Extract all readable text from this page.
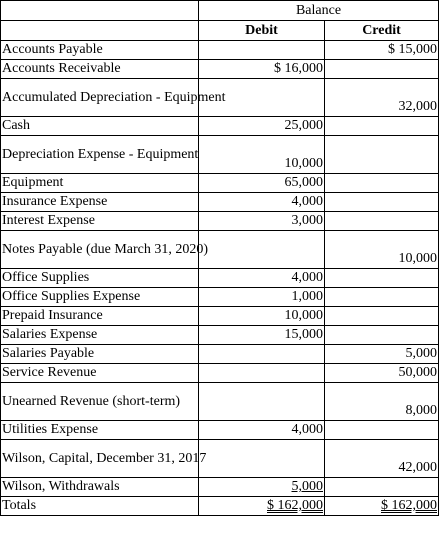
	Balance	
	Debit	Credit
Accounts Payable		$ 15,000
Accounts Receivable	$ 16,000	
Accumulated Depreciation - Equipment		32,000
Cash	25,000	
Depreciation Expense - Equipment	10,000	
Equipment	65,000	
Insurance Expense	4,000	
Interest Expense	3,000	
Notes Payable (due March 31, 2020)		10,000
Office Supplies	4,000	
Office Supplies Expense	1,000	
Prepaid Insurance	10,000	
Salaries Expense	15,000	
Salaries Payable		5,000
Service Revenue		50,000
Unearned Revenue (short-term)		8,000
Utilities Expense	4,000	
Wilson, Capital, December 31, 2017		42,000
Wilson, Withdrawals	5,000	
Totals	$ 162,000	$ 162,000
